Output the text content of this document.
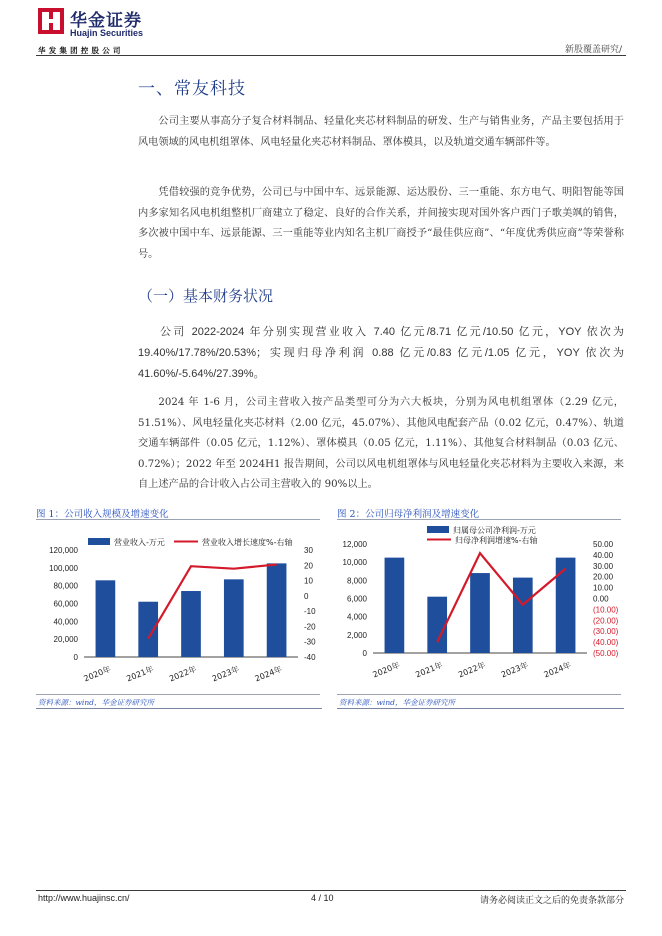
华金证券
Huajin Securities
华发集团控股公司	新股覆盖研究/
一、常友科技
公司主要从事高分子复合材料制品、轻量化夹芯材料制品的研发、生产与销售业务，产品主要包括用于风电领域的风电机组罩体、风电轻量化夹芯材料制品、罩体模具，以及轨道交通车辆部件等。
凭借较强的竞争优势，公司已与中国中车、远景能源、运达股份、三一重能、东方电气、明阳智能等国内多家知名风电机组整机厂商建立了稳定、良好的合作关系，并间接实现对国外客户西门子歌美飒的销售，多次被中国中车、远景能源、三一重能等业内知名主机厂商授予“最佳供应商”、“年度优秀供应商”等荣誉称号。
（一）基本财务状况
公司 2022-2024 年分别实现营业收入 7.40 亿元/8.71 亿元/10.50 亿元，YOY 依次为 19.40%/17.78%/20.53%；实现归母净利润 0.88 亿元/0.83 亿元/1.05 亿元，YOY 依次为 41.60%/-5.64%/27.39%。
2024 年 1-6 月，公司主营收入按产品类型可分为六大板块，分别为风电机组罩体（2.29 亿元，51.51%）、风电轻量化夹芯材料（2.00 亿元，45.07%）、其他风电配套产品（0.02 亿元，0.47%）、轨道交通车辆部件（0.05 亿元，1.12%）、罩体模具（0.05 亿元，1.11%）、其他复合材料制品（0.03 亿元、0.72%）；2022 年至 2024H1 报告期间，公司以风电机组罩体与风电轻量化夹芯材料为主要收入来源，来自上述产品的合计收入占公司主营收入的 90%以上。
图 1：公司收入规模及增速变化
营业收入-万元	营业收入增长速度%-右轴
0
20,000
40,000
60,000
80,000
100,000
120,000
-40
-30
-20
-10
0
10
20
30
2020年 2021年 2022年 2023年 2024年
图 2：公司归母净利润及增速变化
归属母公司净利润-万元
归母净利润增速%-右轴
0
2,000
4,000
6,000
8,000
10,000
12,000
(50.00)
(40.00)
(30.00)
(20.00)
(10.00)
0.00
10.00
20.00
30.00
40.00
50.00
2020年 2021年 2022年 2023年 2024年
资料来源：wind，华金证券研究所	资料来源：wind，华金证券研究所
http://www.huajinsc.cn/	4 / 10	请务必阅读正文之后的免责条款部分
